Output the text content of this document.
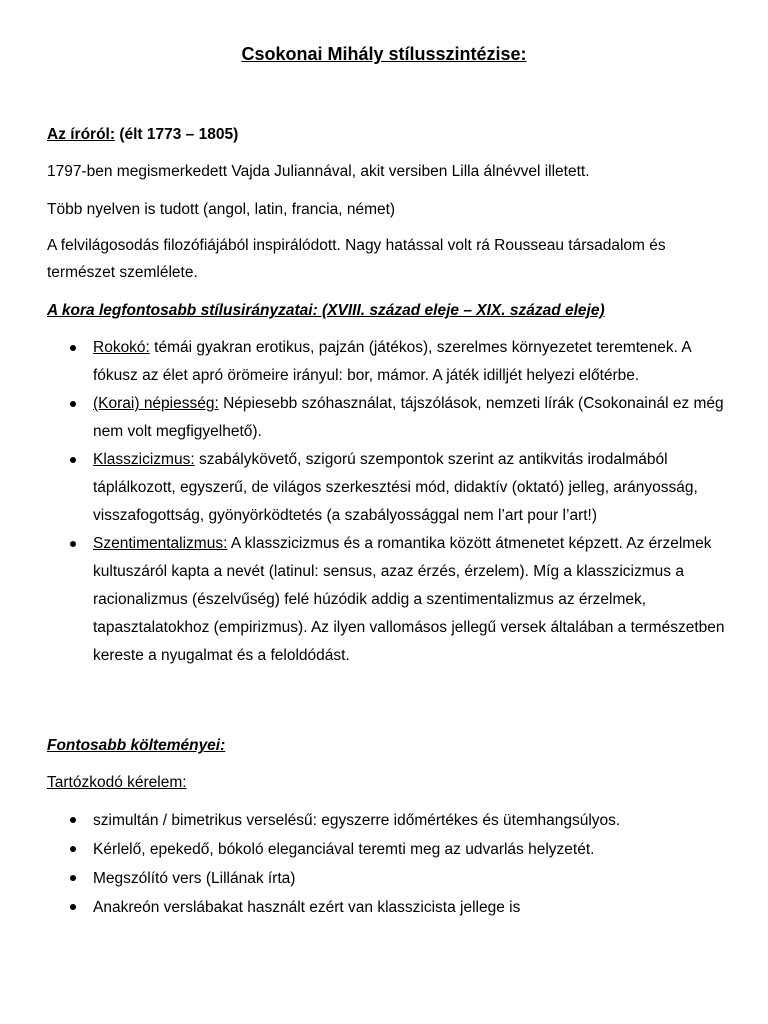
Csokonai Mihály stílusszintézise:

Az íróról: (élt 1773 – 1805)

1797-ben megismerkedett Vajda Juliannával, akit versiben Lilla álnévvel illetett.

Több nyelven is tudott (angol, latin, francia, német)

A felvilágosodás filozófiájából inspirálódott. Nagy hatással volt rá Rousseau társadalom és természet szemlélete.

A kora legfontosabb stílusirányzatai: (XVIII. század eleje – XIX. század eleje)

Rokokó: témái gyakran erotikus, pajzán (játékos), szerelmes környezetet teremtenek. A fókusz az élet apró örömeire irányul: bor, mámor. A játék idilljét helyezi előtérbe.
(Korai) népiesség: Népiesebb szóhasználat, tájszólások, nemzeti lírák (Csokonainál ez még nem volt megfigyelhető).
Klasszicizmus: szabálykövető, szigorú szempontok szerint az antikvitás irodalmából táplálkozott, egyszerű, de világos szerkesztési mód, didaktív (oktató) jelleg, arányosság, visszafogottság, gyönyörködtetés (a szabályossággal nem l’art pour l’art!)
Szentimentalizmus: A klasszicizmus és a romantika között átmenetet képzett. Az érzelmek kultuszáról kapta a nevét (latinul: sensus, azaz érzés, érzelem). Míg a klasszicizmus a racionalizmus (észelvűség) felé húzódik addig a szentimentalizmus az érzelmek, tapasztalatokhoz (empirizmus). Az ilyen vallomásos jellegű versek általában a természetben kereste a nyugalmat és a feloldódást.

Fontosabb költeményei:

Tartózkodó kérelem:

szimultán / bimetrikus verselésű: egyszerre időmértékes és ütemhangsúlyos.
Kérlelő, epekedő, bókoló eleganciával teremti meg az udvarlás helyzetét.
Megszólító vers (Lillának írta)
Anakreón verslábakat használt ezért van klasszicista jellege is
